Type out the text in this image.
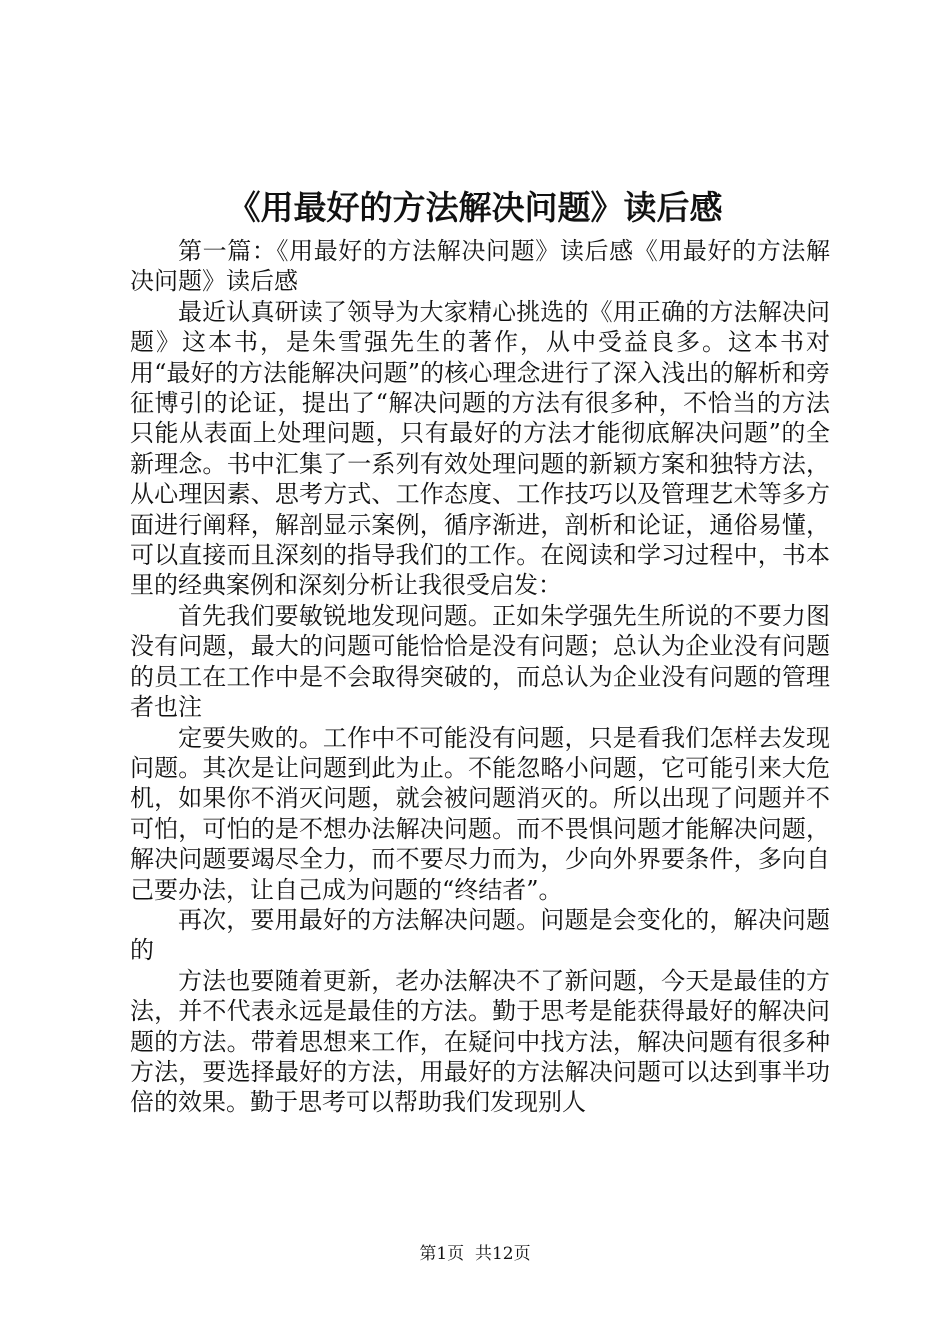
《用最好的方法解决问题》读后感

第一篇：《用最好的方法解决问题》读后感《用最好的方法解决问题》读后感

最近认真研读了领导为大家精心挑选的《用正确的方法解决问题》这本书，是朱雪强先生的著作，从中受益良多。这本书对用“最好的方法能解决问题”的核心理念进行了深入浅出的解析和旁征博引的论证，提出了“解决问题的方法有很多种，不恰当的方法只能从表面上处理问题，只有最好的方法才能彻底解决问题”的全新理念。书中汇集了一系列有效处理问题的新颖方案和独特方法，从心理因素、思考方式、工作态度、工作技巧以及管理艺术等多方面进行阐释，解剖显示案例，循序渐进，剖析和论证，通俗易懂，可以直接而且深刻的指导我们的工作。在阅读和学习过程中，书本里的经典案例和深刻分析让我很受启发：

首先我们要敏锐地发现问题。正如朱学强先生所说的不要力图没有问题，最大的问题可能恰恰是没有问题；总认为企业没有问题的员工在工作中是不会取得突破的，而总认为企业没有问题的管理者也注

定要失败的。工作中不可能没有问题，只是看我们怎样去发现问题。其次是让问题到此为止。不能忽略小问题，它可能引来大危机，如果你不消灭问题，就会被问题消灭的。所以出现了问题并不可怕，可怕的是不想办法解决问题。而不畏惧问题才能解决问题，解决问题要竭尽全力，而不要尽力而为，少向外界要条件，多向自己要办法，让自己成为问题的“终结者”。

再次，要用最好的方法解决问题。问题是会变化的，解决问题的

方法也要随着更新，老办法解决不了新问题，今天是最佳的方法，并不代表永远是最佳的方法。勤于思考是能获得最好的解决问题的方法。带着思想来工作，在疑问中找方法，解决问题有很多种方法，要选择最好的方法，用最好的方法解决问题可以达到事半功倍的效果。勤于思考可以帮助我们发现别人

第1页  共12页
